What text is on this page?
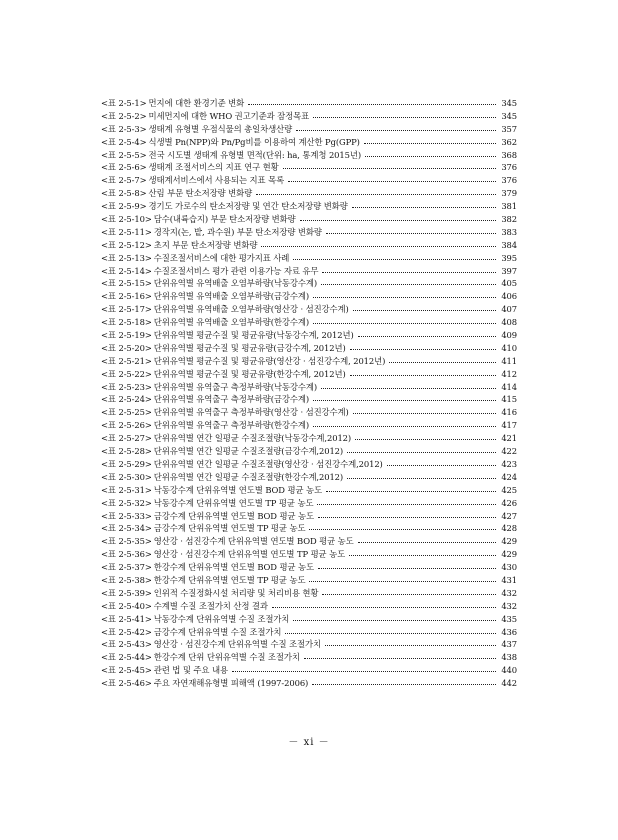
<표 2-5-1> 먼지에 대한 환경기준 변화	345
<표 2-5-2> 미세먼지에 대한 WHO 권고기준과 잠정목표	345
<표 2-5-3> 생태계 유형별 우점식물의 총일차생산량	357
<표 2-5-4> 식생별 Pn(NPP)와 Pn/Pg비를 이용하여 계산한 Pg(GPP)	362
<표 2-5-5> 전국 시도별 생태계 유형별 면적(단위: ha, 통계청 2015년)	368
<표 2-5-6> 생태계 조절서비스의 지표 연구 현황	376
<표 2-5-7> 생태계서비스에서 사용되는 지표 목록	376
<표 2-5-8> 산림 부문 탄소저장량 변화량	379
<표 2-5-9> 경기도 가로수의 탄소저장량 및 연간 탄소저장량 변화량	381
<표 2-5-10> 담수(내륙습지) 부문 탄소저장량 변화량	382
<표 2-5-11> 경작지(논, 밭, 과수원) 부문 탄소저장량 변화량	383
<표 2-5-12> 초지 부문 탄소저장량 변화량	384
<표 2-5-13> 수질조절서비스에 대한 평가지표 사례	395
<표 2-5-14> 수질조절서비스 평가 관련 이용가능 자료 유무	397
<표 2-5-15> 단위유역별 유역배출 오염부하량(낙동강수계)	405
<표 2-5-16> 단위유역별 유역배출 오염부하량(금강수계)	406
<표 2-5-17> 단위유역별 유역배출 오염부하량(영산강 · 섬진강수계)	407
<표 2-5-18> 단위유역별 유역배출 오염부하량(한강수계)	408
<표 2-5-19> 단위유역별 평균수질 및 평균유량(낙동강수계, 2012년)	409
<표 2-5-20> 단위유역별 평균수질 및 평균유량(금강수계, 2012년)	410
<표 2-5-21> 단위유역별 평균수질 및 평균유량(영산강 · 섬진강수계, 2012년)	411
<표 2-5-22> 단위유역별 평균수질 및 평균유량(한강수계, 2012년)	412
<표 2-5-23> 단위유역별 유역출구 측정부하량(낙동강수계)	414
<표 2-5-24> 단위유역별 유역출구 측정부하량(금강수계)	415
<표 2-5-25> 단위유역별 유역출구 측정부하량(영산강 · 섬진강수계)	416
<표 2-5-26> 단위유역별 유역출구 측정부하량(한강수계)	417
<표 2-5-27> 단위유역별 연간 일평균 수질조절량(낙동강수계,2012)	421
<표 2-5-28> 단위유역별 연간 일평균 수질조절량(금강수계,2012)	422
<표 2-5-29> 단위유역별 연간 일평균 수질조절량(영산강 · 섬진강수계,2012)	423
<표 2-5-30> 단위유역별 연간 일평균 수질조절량(한강수계,2012)	424
<표 2-5-31> 낙동강수계 단위유역별 연도별 BOD 평균 농도	425
<표 2-5-32> 낙동강수계 단위유역별 연도별 TP 평균 농도	426
<표 2-5-33> 금강수계 단위유역별 연도별 BOD 평균 농도	427
<표 2-5-34> 금강수계 단위유역별 연도별 TP 평균 농도	428
<표 2-5-35> 영산강 · 섬진강수계 단위유역별 연도별 BOD 평균 농도	429
<표 2-5-36> 영산강 · 섬진강수계 단위유역별 연도별 TP 평균 농도	429
<표 2-5-37> 한강수계 단위유역별 연도별 BOD 평균 농도	430
<표 2-5-38> 한강수계 단위유역별 연도별 TP 평균 농도	431
<표 2-5-39> 인위적 수질정화시설 처리량 및 처리비용 현황	432
<표 2-5-40> 수계별 수질 조절가치 산정 결과	432
<표 2-5-41> 낙동강수계 단위유역별 수질 조절가치	435
<표 2-5-42> 금강수계 단위유역별 수질 조절가치	436
<표 2-5-43> 영산강 · 섬진강수계 단위유역별 수질 조절가치	437
<표 2-5-44> 한강수계 단위 단위유역별 수질 조절가치	438
<표 2-5-45> 관련 법 및 주요 내용	440
<표 2-5-46> 주요 자연재해유형별 피해액 (1997-2006)	442
－ xi －
